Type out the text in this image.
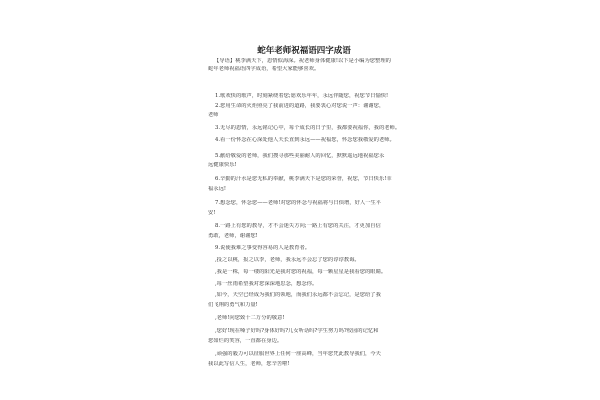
蛇年老师祝福语四字成语
【导语】桃李满天下，恩情似海深。祝老师身体健康!以下是小编为您整理的
蛇年老师祝福语四字成语，希望大家能够喜欢。
1.歌欢快的歌声，时刻紧绕着您;愿欢乐年年，永远伴随您，祝您节日愉快!
2.您用生命的火炬照亮了我前进的道路，我要衷心对您说一声：谢谢您，
老师
3.无尽的恩情，永远铭记心中，每个成长的日子里，我都要祝福你，我的老师。
4.看一份怀念在心深处他人天长直到永远——祝福您，怀念您我敬爱的老师。
5.献给敬爱的老师，我们搜寻那些美丽耐人的回忆，默默遥远地祝福您永
远健康快乐!
6.辛勤的汗水是您无私的奉献，桃李满天下是您的荣誉，祝您，节日快乐!幸
福永远!
7.想念您，怀念您——老师!对您的怀念与祝福将与日俱增，好人一生平
安!
8.一路上有您的教导，才不会迷失方向;一路上有您的关注，才更加自信
勇敢，老师，谢谢您!
9.说使我难之事变得容易的人是教育者。
,投之以桃，报之以李，老师，我永远不会忘了您的谆谆教诲。
,我是一株，每一缕的阳光是我对您的祝福，每一颗星星是我看您的眼睛。
,每一丝雨希望我对您深深地思念，想念你。
,如今，天空已经成为我们的领地，而我们永远都不会忘记，是您给了我
们飞翔的勇气和力量!
,老师!向您致十二万分的敬意!
,您好!现在嗓子好吗?身体好吗?儿女听话吗?学生努力吗?校园的记忆和
您如烂的笑容，一直都在身边。
,顽强的毅力可以征服世界上任何一座高峰，当年您凭此教导我们，今天
我以此写信人生，老师，您辛苦啦!
